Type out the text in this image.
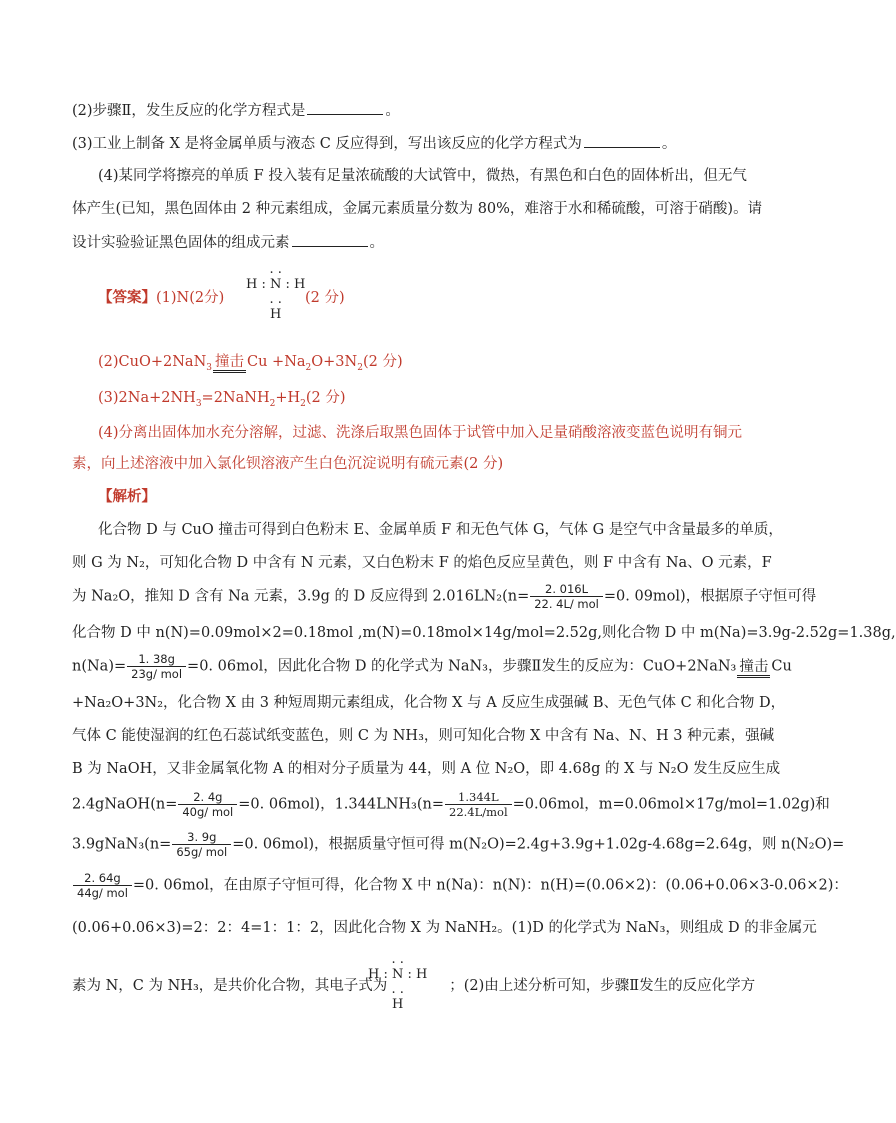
(2)步骤Ⅱ，发生反应的化学方程式是	。
(3)工业上制备 X 是将金属单质与液态 C 反应得到，写出该反应的化学方程式为	。
(4)某同学将擦亮的单质 F 投入装有足量浓硫酸的大试管中，微热，有黑色和白色的固体析出，但无气
体产生(已知，黑色固体由 2 种元素组成，金属元素质量分数为 80%，难溶于水和稀硫酸，可溶于硝酸)。请
设计实验验证黑色固体的组成元素	。
【答案】(1)N(2分)
. .
H : N : H
. .
H
(2 分)
(2)CuO+2NaN$_3$ 撞击 $Cu +Na_2O+3N_2(2$ 分)
$(3)2Na+2NH_3=2NaNH_2+H_2(2$ 分)
(4)分离出固体加水充分溶解，过滤、洗涤后取黑色固体于试管中加入足量硝酸溶液变蓝色说明有铜元
素，向上述溶液中加入氯化钡溶液产生白色沉淀说明有硫元素(2 分)
【解析】
化合物 D 与 CuO 撞击可得到白色粉末 E、金属单质 F 和无色气体 G，气体 G 是空气中含量最多的单质，
则 G 为 N₂，可知化合物 D 中含有 N 元素，又白色粉末 F 的焰色反应呈黄色，则 F 中含有 Na、O 元素，F
为 Na₂O，推知 D 含有 Na 元素，3.9g 的 D 反应得到 $2.016LN_2(n= \frac{2. 016L}{\text{22. 4L/ mol}} =0$. 09mol)，根据原子守恒可得
化合物 D 中 n(N)=0.09mol×2=0.18mol ,m(N)=0.18mol×14g/mol=2.52g,则化合物 D 中 m(Na)=3.9g-2.52g=1.38g,
$n(Na)= \frac{1. 38g}{\text{23g/ mol}} =0$. 06mol，因此化合物 D 的化学式为 NaN₃，步骤Ⅱ发生的反应为：CuO+2NaN₃ 撞击 Cu
+Na₂O+3N₂，化合物 X 由 3 种短周期元素组成，化合物 X 与 A 反应生成强碱 B、无色气体 C 和化合物 D，
气体 C 能使湿润的红色石蕊试纸变蓝色，则 C 为 NH₃，则可知化合物 X 中含有 Na、N、H 3 种元素，强碱
B 为 NaOH，又非金属氧化物 A 的相对分子质量为 44，则 A 位 N₂O，即 4.68g 的 X 与 N₂O 发生反应生成
2.4gNaOH(n= $\frac{2. 4g}{\text{40g/ mol}} =0$. 06mol)，$1.344LNH_3(n= \frac{1.344L}{\text{22.4L/mol}} =0.06mol$，m=0.06mol×17g/mol=1.02g)和
3.9gNaN₃(n= $\frac{3. 9g}{\text{65g/ mol}} =0$. 06mol)，根据质量守恒可得 m(N₂O)=2.4g+3.9g+1.02g-4.68g=2.64g，则 n(N₂O)=
$\frac{2. 64g}{\text{44g/ mol}} =0$. 06mol，在由原子守恒可得，化合物 X 中 n(Na)：n(N)：n(H)=(0.06×2)：(0.06+0.06×3-0.06×2)：
(0.06+0.06×3)=2：2：4=1：1：2，因此化合物 X 为 NaNH₂。(1)D 的化学式为 NaN₃，则组成 D 的非金属元
素为 N，C 为 NH₃，是共价化合物，其电子式为	；(2)由上述分析可知，步骤Ⅱ发生的反应化学方
. .
H : N : H
. .
H
